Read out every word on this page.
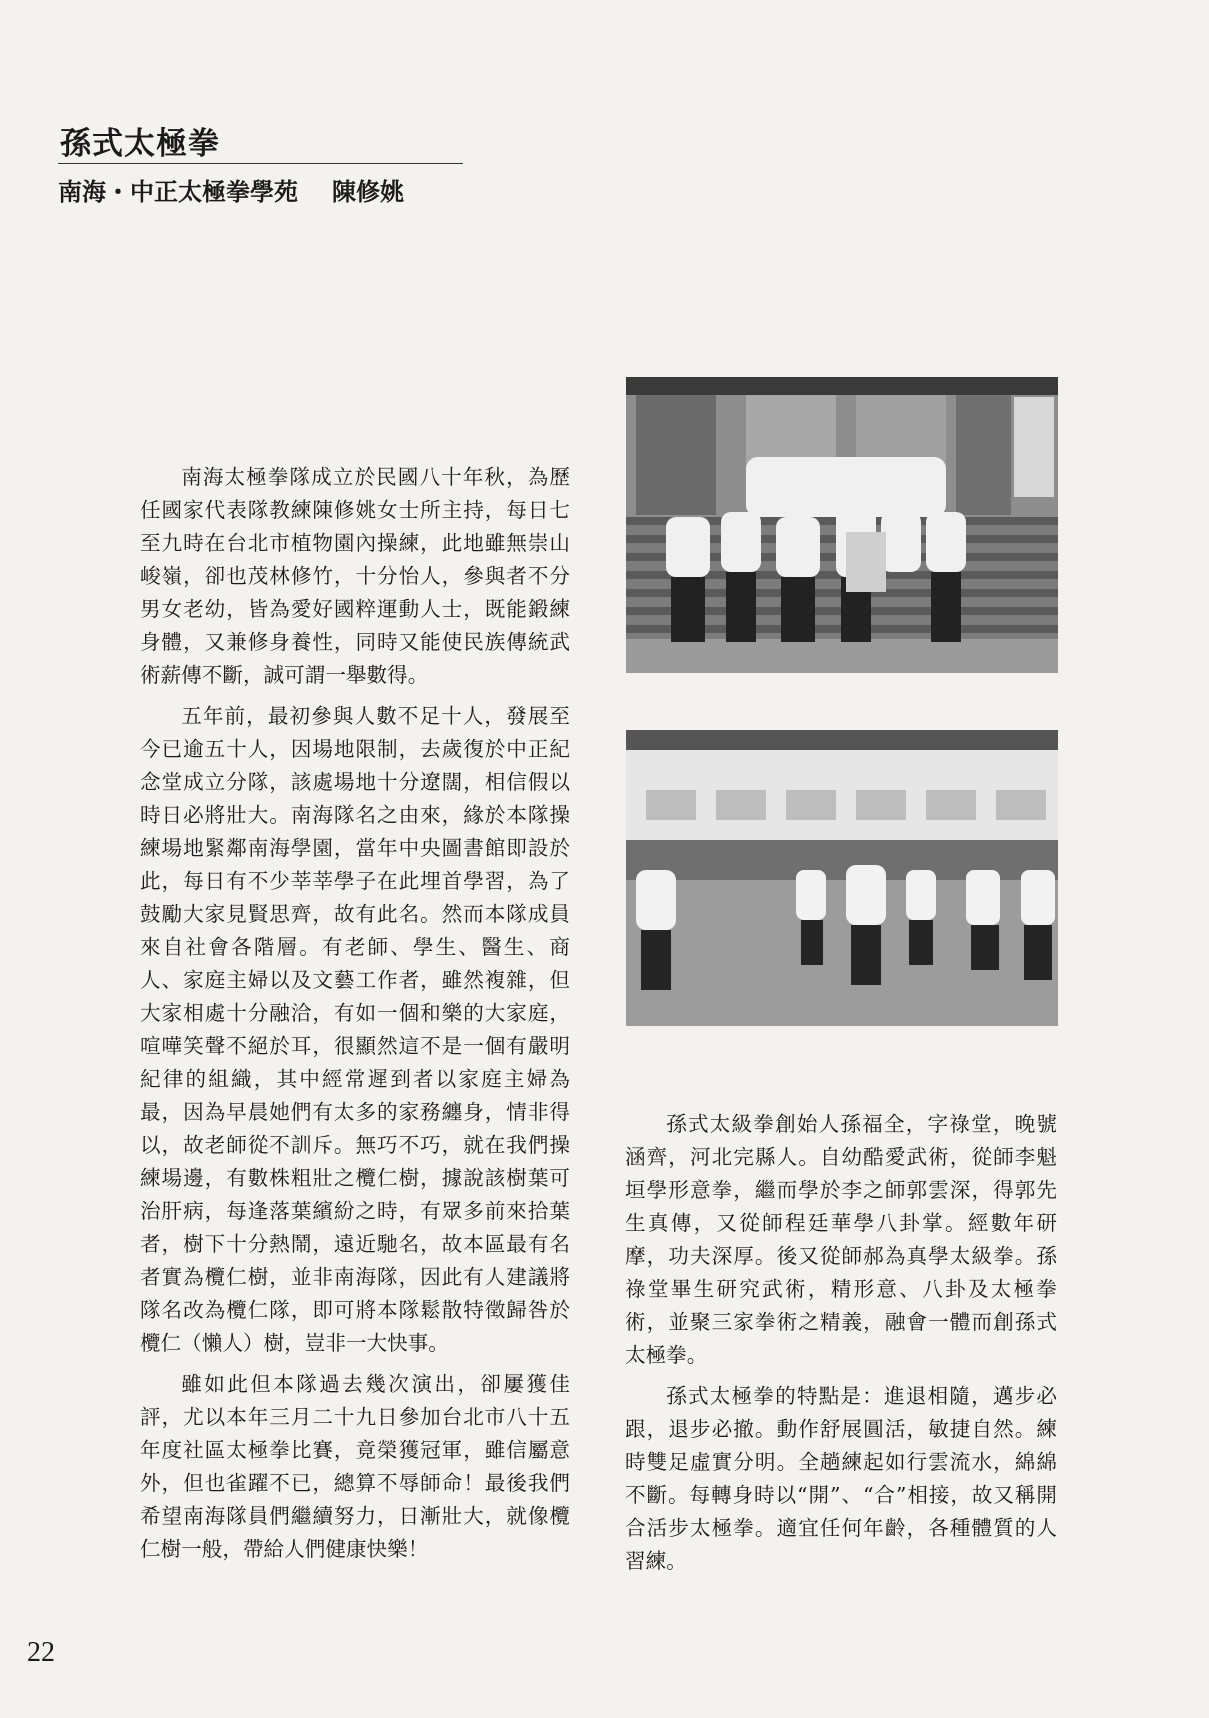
孫式太極拳
南海・中正太極拳學苑 陳修姚

南海太極拳隊成立於民國八十年秋，為歷任國家代表隊教練陳修姚女士所主持，每日七至九時在台北市植物園內操練，此地雖無崇山峻嶺，卻也茂林修竹，十分怡人，參與者不分男女老幼，皆為愛好國粹運動人士，既能鍛練身體，又兼修身養性，同時又能使民族傳統武術薪傳不斷，誠可謂一舉數得。

五年前，最初參與人數不足十人，發展至今已逾五十人，因場地限制，去歲復於中正紀念堂成立分隊，該處場地十分遼闊，相信假以時日必將壯大。南海隊名之由來，緣於本隊操練場地緊鄰南海學園，當年中央圖書館即設於此，每日有不少莘莘學子在此埋首學習，為了鼓勵大家見賢思齊，故有此名。然而本隊成員來自社會各階層。有老師、學生、醫生、商人、家庭主婦以及文藝工作者，雖然複雜，但大家相處十分融洽，有如一個和樂的大家庭，喧嘩笑聲不絕於耳，很顯然這不是一個有嚴明紀律的組織，其中經常遲到者以家庭主婦為最，因為早晨她們有太多的家務纏身，情非得以，故老師從不訓斥。無巧不巧，就在我們操練場邊，有數株粗壯之欖仁樹，據說該樹葉可治肝病，每逢落葉繽紛之時，有眾多前來拾葉者，樹下十分熱鬧，遠近馳名，故本區最有名者實為欖仁樹，並非南海隊，因此有人建議將隊名改為欖仁隊，即可將本隊鬆散特徵歸咎於欖仁（懶人）樹，豈非一大快事。

雖如此但本隊過去幾次演出，卻屢獲佳評，尤以本年三月二十九日參加台北市八十五年度社區太極拳比賽，竟榮獲冠軍，雖信屬意外，但也雀躍不已，總算不辱師命！最後我們希望南海隊員們繼續努力，日漸壯大，就像欖仁樹一般，帶給人們健康快樂！

孫式太級拳創始人孫福全，字祿堂，晚號涵齊，河北完縣人。自幼酷愛武術，從師李魁垣學形意拳，繼而學於李之師郭雲深，得郭先生真傳，又從師程廷華學八卦掌。經數年研摩，功夫深厚。後又從師郝為真學太級拳。孫祿堂畢生研究武術，精形意、八卦及太極拳術，並聚三家拳術之精義，融會一體而創孫式太極拳。

孫式太極拳的特點是：進退相隨，邁步必跟，退步必撤。動作舒展圓活，敏捷自然。練時雙足虛實分明。全趟練起如行雲流水，綿綿不斷。每轉身時以“開”、“合”相接，故又稱開合活步太極拳。適宜任何年齡，各種體質的人習練。

22
